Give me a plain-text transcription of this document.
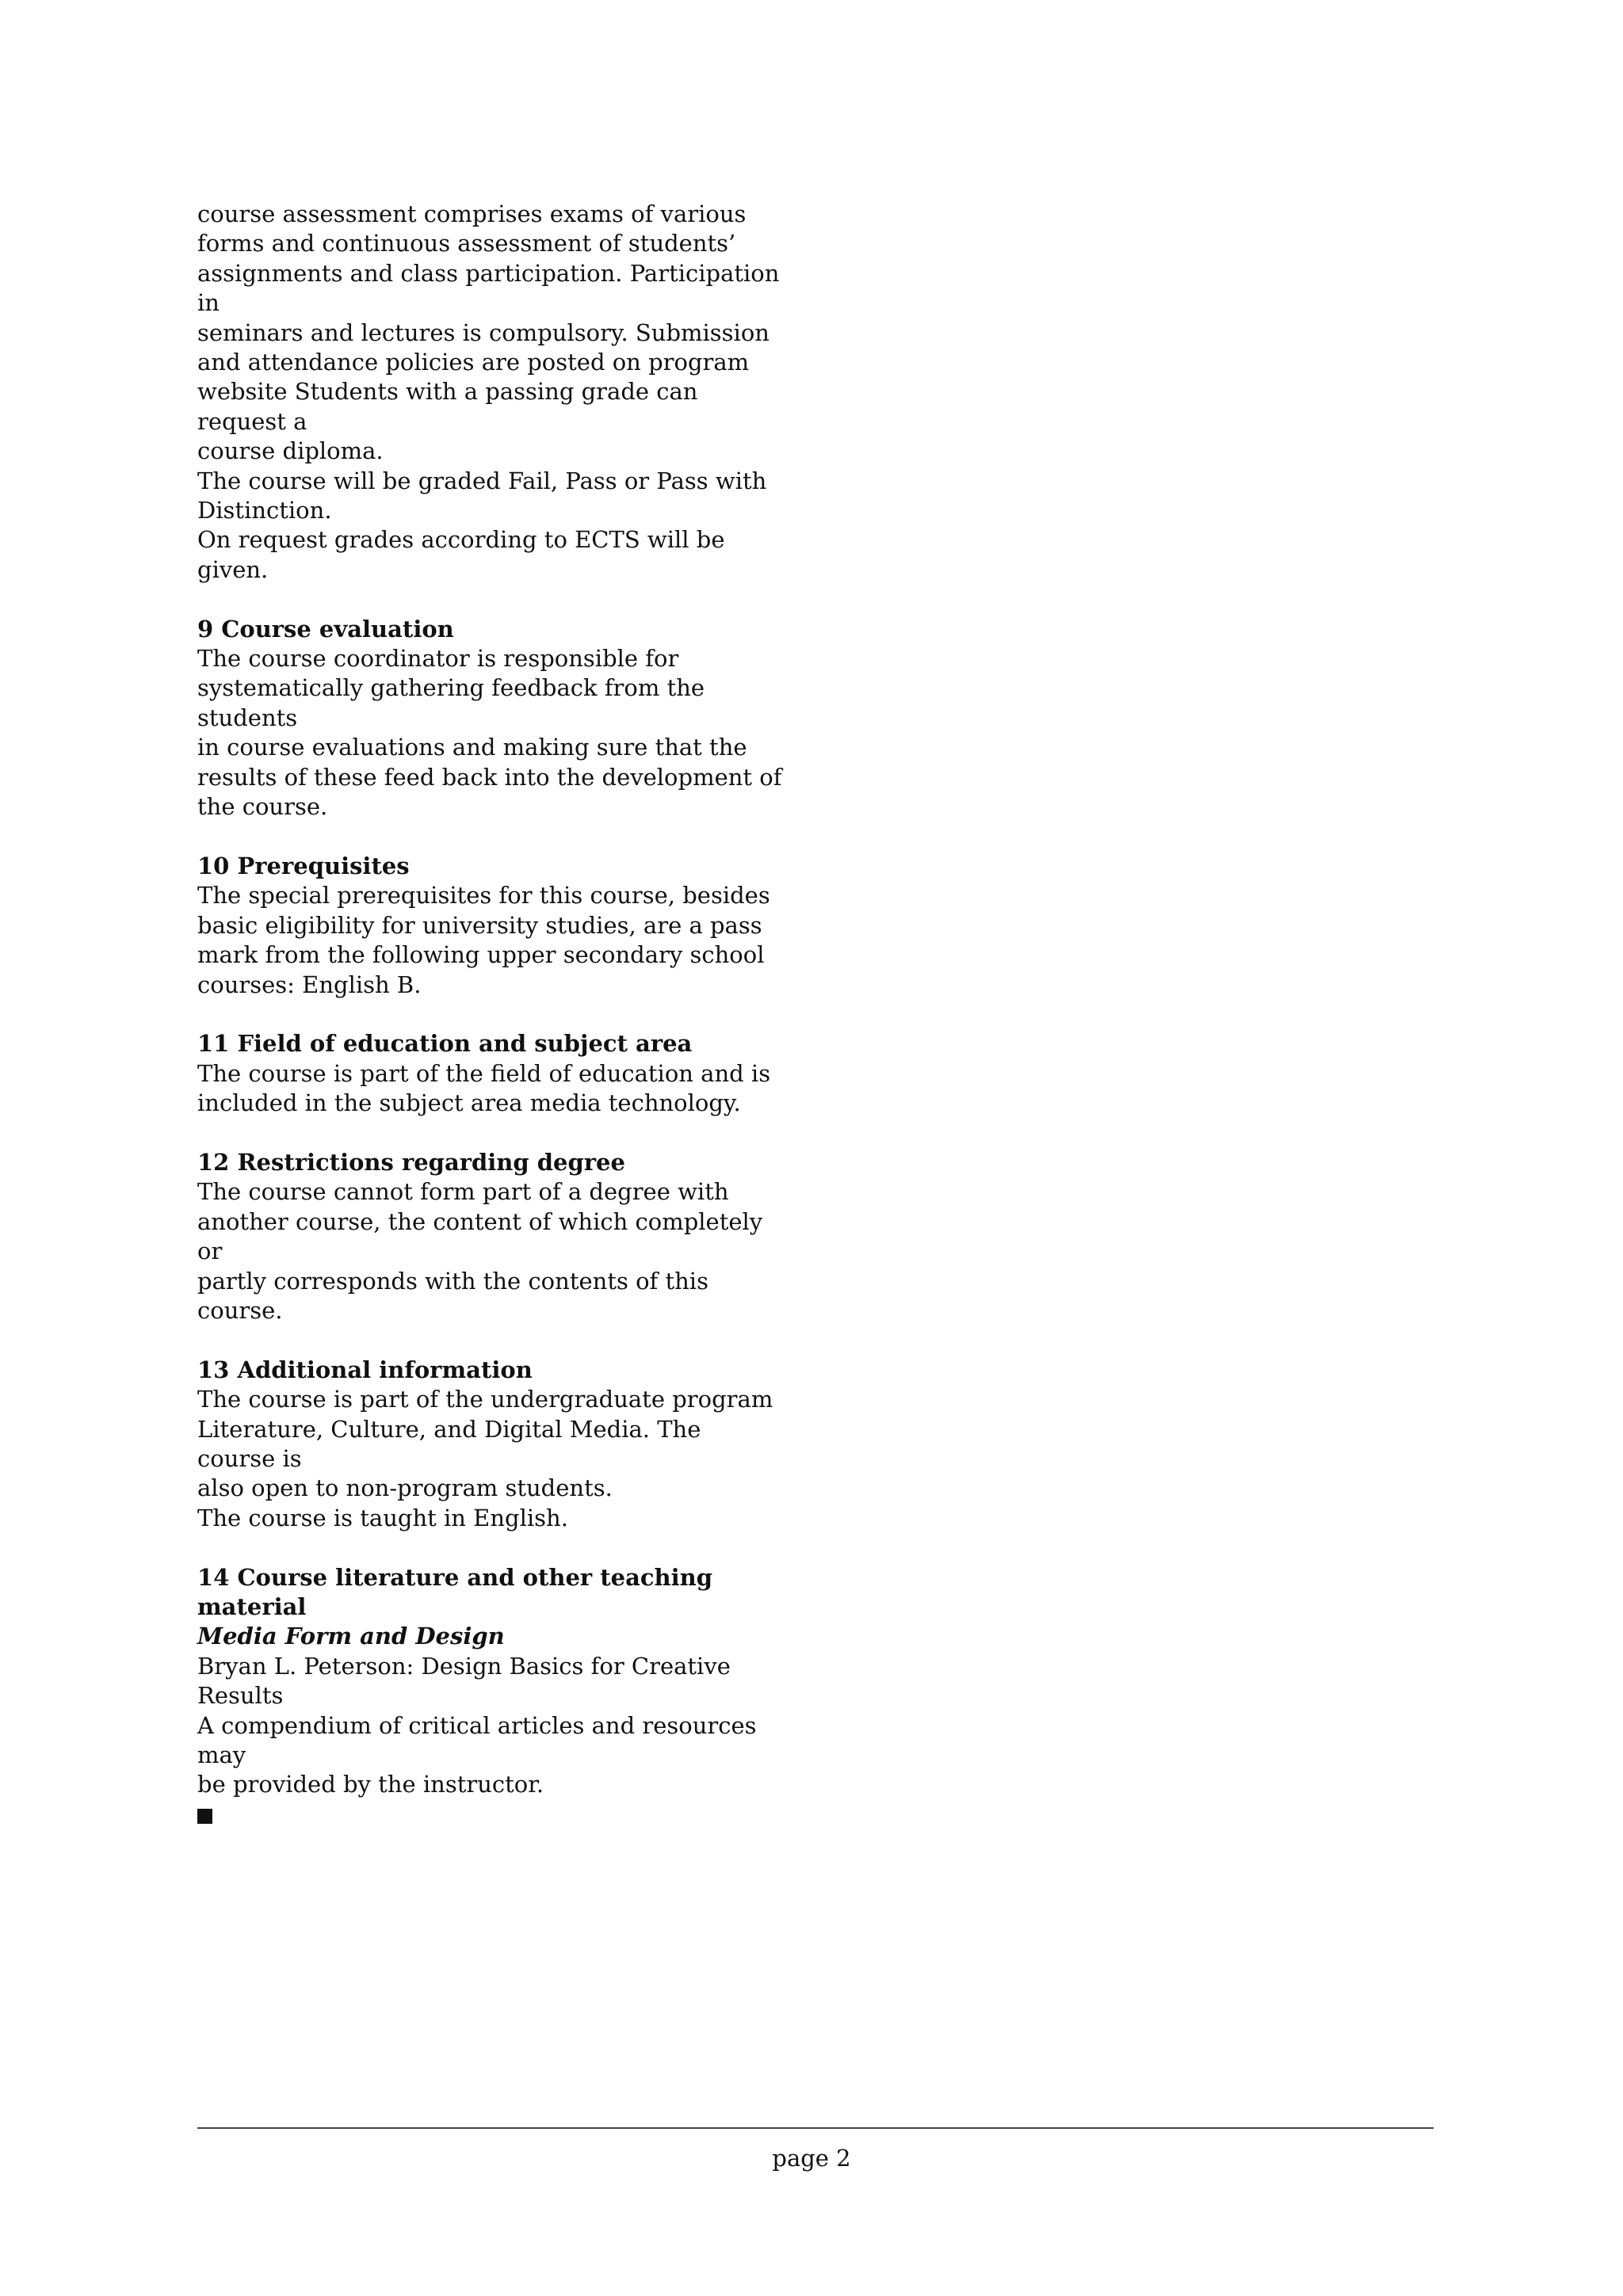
course assessment comprises exams of various

forms and continuous assessment of students’

assignments and class participation. Participation in

seminars and lectures is compulsory. Submission

and attendance policies are posted on program

website Students with a passing grade can request a

course diploma.

The course will be graded Fail, Pass or Pass with

Distinction.

On request grades according to ECTS will be given.

9 Course evaluation

The course coordinator is responsible for

systematically gathering feedback from the students

in course evaluations and making sure that the

results of these feed back into the development of

the course.

10 Prerequisites

The special prerequisites for this course, besides

basic eligibility for university studies, are a pass

mark from the following upper secondary school

courses: English B.

11 Field of education and subject area

The course is part of the field of education and is

included in the subject area media technology.

12 Restrictions regarding degree

The course cannot form part of a degree with

another course, the content of which completely or

partly corresponds with the contents of this course.

13 Additional information

The course is part of the undergraduate program

Literature, Culture, and Digital Media. The course is

also open to non-program students.

The course is taught in English.

14 Course literature and other teaching material

Media Form and Design

Bryan L. Peterson: Design Basics for Creative

Results

A compendium of critical articles and resources may

be provided by the instructor.

page 2
